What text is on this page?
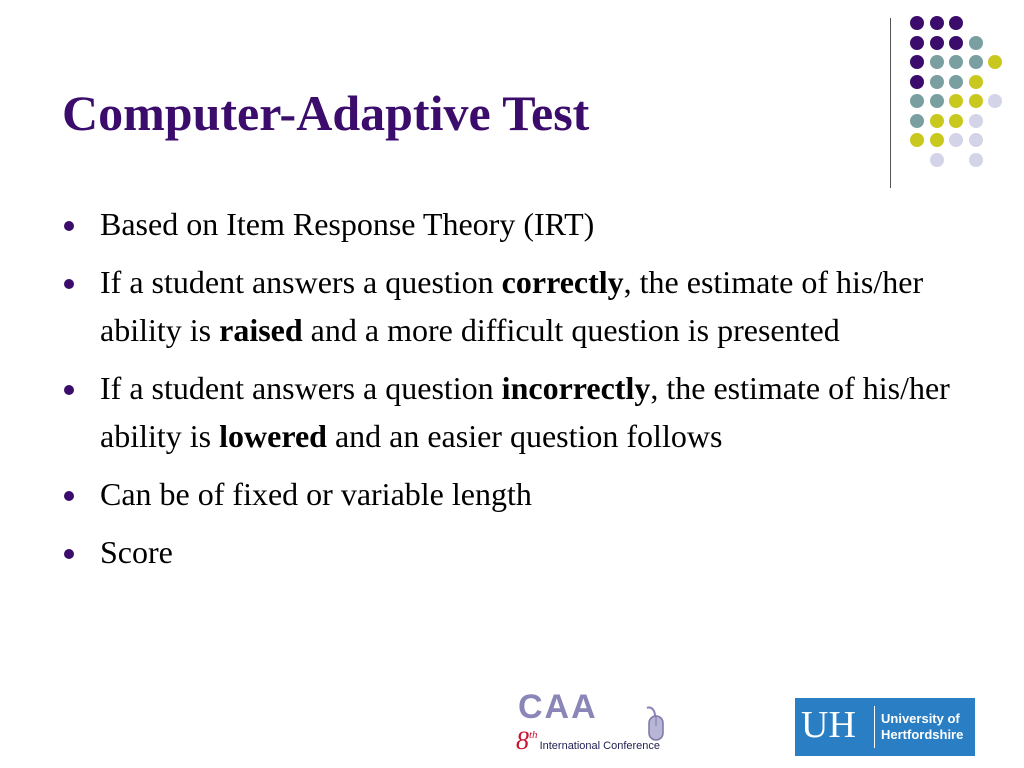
Computer-Adaptive Test
Based on Item Response Theory (IRT)
If a student answers a question correctly, the estimate of his/her ability is raised and a more difficult question is presented
If a student answers a question incorrectly, the estimate of his/her ability is lowered and an easier question follows
Can be of fixed or variable length
Score
CAA
8thInternational Conference	UH University of
Hertfordshire
